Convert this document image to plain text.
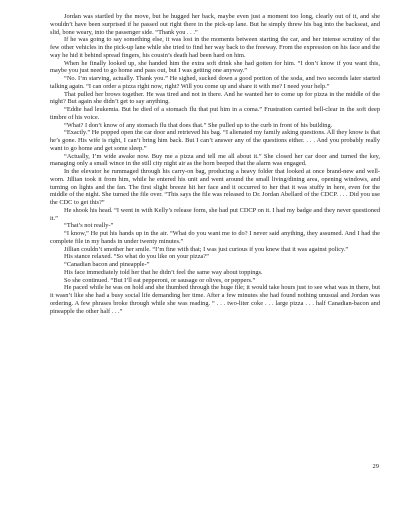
Jordan was startled by the move, but he hugged her back, maybe even just a moment too long, clearly out of it, and she wouldn’t have been surprised if he passed out right there in the pick-up lane. But he simply threw his bag into the backseat, and slid, bone weary, into the passenger side. “Thank you . . .”

If he was going to say something else, it was lost in the moments between starting the car, and her intense scrutiny of the few other vehicles in the pick-up lane while she tried to find her way back to the freeway. From the expression on his face and the way he hid it behind spread fingers, his cousin’s death had been hard on him.

When he finally looked up, she handed him the extra soft drink she had gotten for him. “I don’t know if you want this, maybe you just need to go home and pass out, but I was getting one anyway.”

“No. I’m starving, actually. Thank you.” He sighed, sucked down a good portion of the soda, and two seconds later started talking again. “I can order a pizza right now, right? Will you come up and share it with me? I need your help.”

That pulled her brows together. He was tired and not in there. And he wanted her to come up for pizza in the middle of the night? But again she didn’t get to say anything.

“Eddie had leukemia. But he died of a stomach flu that put him in a coma.” Frustration carried bell-clear in the soft deep timbre of his voice.

“What? I don’t know of any stomach flu that does that.” She pulled up to the curb in front of his building.

“Exactly.” He popped open the car door and retrieved his bag. “I alienated my family asking questions. All they know is that he’s gone. His wife is right, I can’t bring him back. But I can’t answer any of the questions either. . . . And you probably really want to go home and get some sleep.”

“Actually, I’m wide awake now. Buy me a pizza and tell me all about it.” She closed her car door and turned the key, managing only a small wince in the still city night air as the horn beeped that the alarm was engaged.

In the elevator he rummaged through his carry-on bag, producing a heavy folder that looked at once brand-new and well-worn. Jillian took it from him, while he entered his unit and went around the small living/dining area, opening windows, and turning on lights and the fan. The first slight breeze hit her face and it occurred to her that it was stuffy in here, even for the middle of the night. She turned the file over. “This says the file was released to Dr. Jordan Abellard of the CDCP. . . . Did you use the CDC to get this?”

He shook his head. “I went in with Kelly’s release form, she had put CDCP on it. I had my badge and they never questioned it.”

“That’s not really-”

“I know,” He put his hands up in the air. “What do you want me to do? I never said anything, they assumed. And I had the complete file in my hands in under twenty minutes.”

Jillian couldn’t smother her smile. “I’m fine with that; I was just curious if you knew that it was against policy.”

His stance relaxed. “So what do you like on your pizza?”

“Canadian bacon and pineapple-”

His face immediately told her that he didn’t feel the same way about toppings.

So she continued. “But I’ll eat pepperoni, or sausage or olives, or peppers.”

He paced while he was on hold and she thumbed through the huge file; it would take hours just to see what was in there, but it wasn’t like she had a busy social life demanding her time. After a few minutes she had found nothing unusual and Jordan was ordering. A few phrases broke through while she was reading. “ . . . two-liter coke . . . large pizza . . . half Canadian-bacon and pineapple the other half . . .”

29
